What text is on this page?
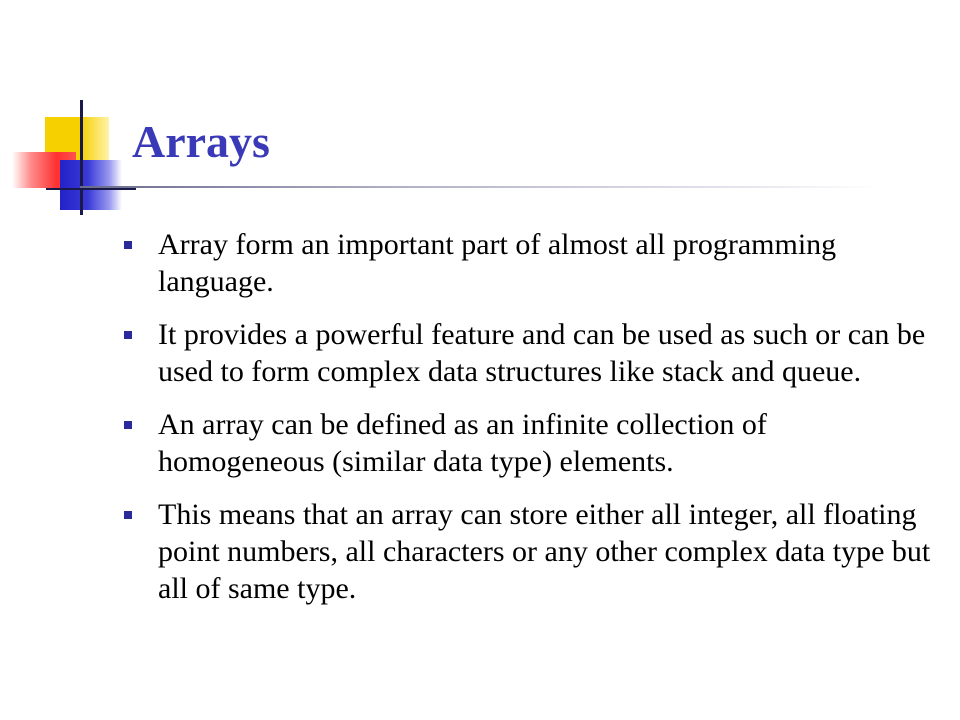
Arrays
Array form an important part of almost all programming language.
It provides a powerful feature and can be used as such or can be used to form complex data structures like stack and queue.
An array can be defined as an infinite collection of homogeneous (similar data type) elements.
This means that an array can store either all integer, all floating point numbers, all characters or any other complex data type but all of same type.
